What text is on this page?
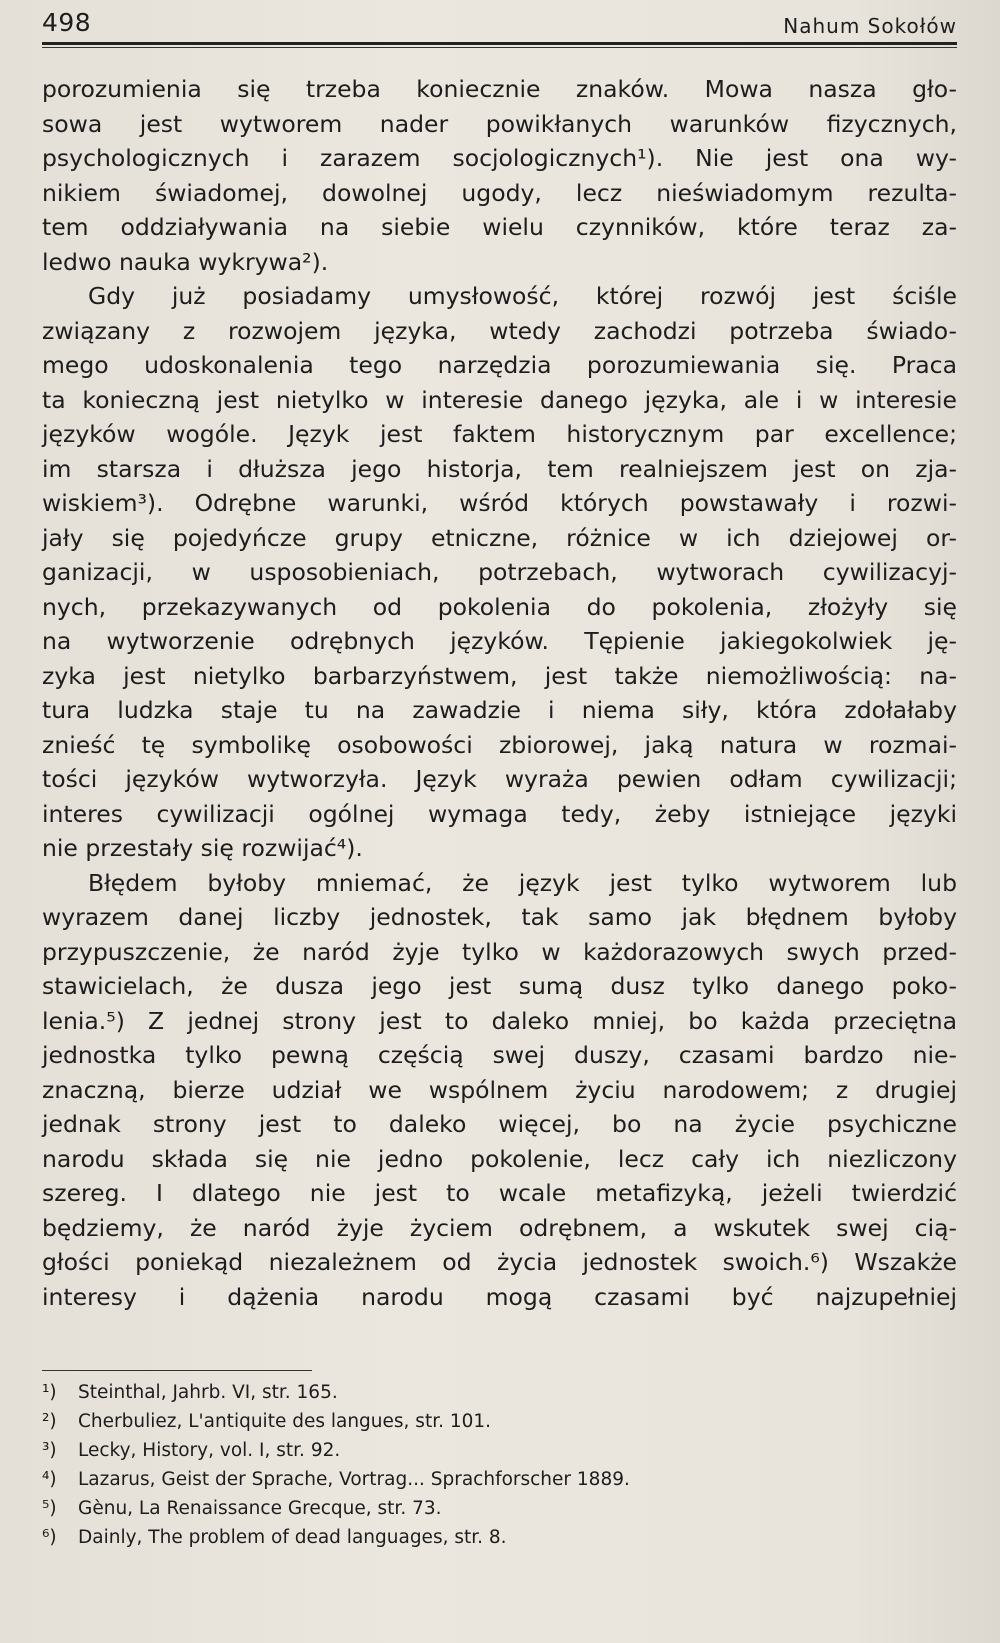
498	Nahum Sokołów
porozumienia się trzeba koniecznie znaków. Mowa nasza gło-
sowa jest wytworem nader powikłanych warunków fizycznych,
psychologicznych i zarazem socjologicznych¹). Nie jest ona wy-
nikiem świadomej, dowolnej ugody, lecz nieświadomym rezulta-
tem oddziaływania na siebie wielu czynników, które teraz za-
ledwo nauka wykrywa²).
Gdy już posiadamy umysłowość, której rozwój jest ściśle
związany z rozwojem języka, wtedy zachodzi potrzeba świado-
mego udoskonalenia tego narzędzia porozumiewania się. Praca
ta konieczną jest nietylko w interesie danego języka, ale i w interesie
języków wogóle. Język jest faktem historycznym par excellence;
im starsza i dłuższa jego historja, tem realniejszem jest on zja-
wiskiem³). Odrębne warunki, wśród których powstawały i rozwi-
jały się pojedyńcze grupy etniczne, różnice w ich dziejowej or-
ganizacji, w usposobieniach, potrzebach, wytworach cywilizacyj-
nych, przekazywanych od pokolenia do pokolenia, złożyły się
na wytworzenie odrębnych języków. Tępienie jakiegokolwiek ję-
zyka jest nietylko barbarzyństwem, jest także niemożliwością: na-
tura ludzka staje tu na zawadzie i niema siły, która zdołałaby
znieść tę symbolikę osobowości zbiorowej, jaką natura w rozmai-
tości języków wytworzyła. Język wyraża pewien odłam cywilizacji;
interes cywilizacji ogólnej wymaga tedy, żeby istniejące języki
nie przestały się rozwijać⁴).
Błędem byłoby mniemać, że język jest tylko wytworem lub
wyrazem danej liczby jednostek, tak samo jak błędnem byłoby
przypuszczenie, że naród żyje tylko w każdorazowych swych przed-
stawicielach, że dusza jego jest sumą dusz tylko danego poko-
lenia.⁵) Z jednej strony jest to daleko mniej, bo każda przeciętna
jednostka tylko pewną częścią swej duszy, czasami bardzo nie-
znaczną, bierze udział we wspólnem życiu narodowem; z drugiej
jednak strony jest to daleko więcej, bo na życie psychiczne
narodu składa się nie jedno pokolenie, lecz cały ich niezliczony
szereg. I dlatego nie jest to wcale metafizyką, jeżeli twierdzić
będziemy, że naród żyje życiem odrębnem, a wskutek swej cią-
głości poniekąd niezależnem od życia jednostek swoich.⁶) Wszakże
interesy i dążenia narodu mogą czasami być najzupełniej
¹) Steinthal, Jahrb. VI, str. 165.
²) Cherbuliez, L'antiquite des langues, str. 101.
³) Lecky, History, vol. I, str. 92.
⁴) Lazarus, Geist der Sprache, Vortrag... Sprachforscher 1889.
⁵) Gènu, La Renaissance Grecque, str. 73.
⁶) Dainly, The problem of dead languages, str. 8.
